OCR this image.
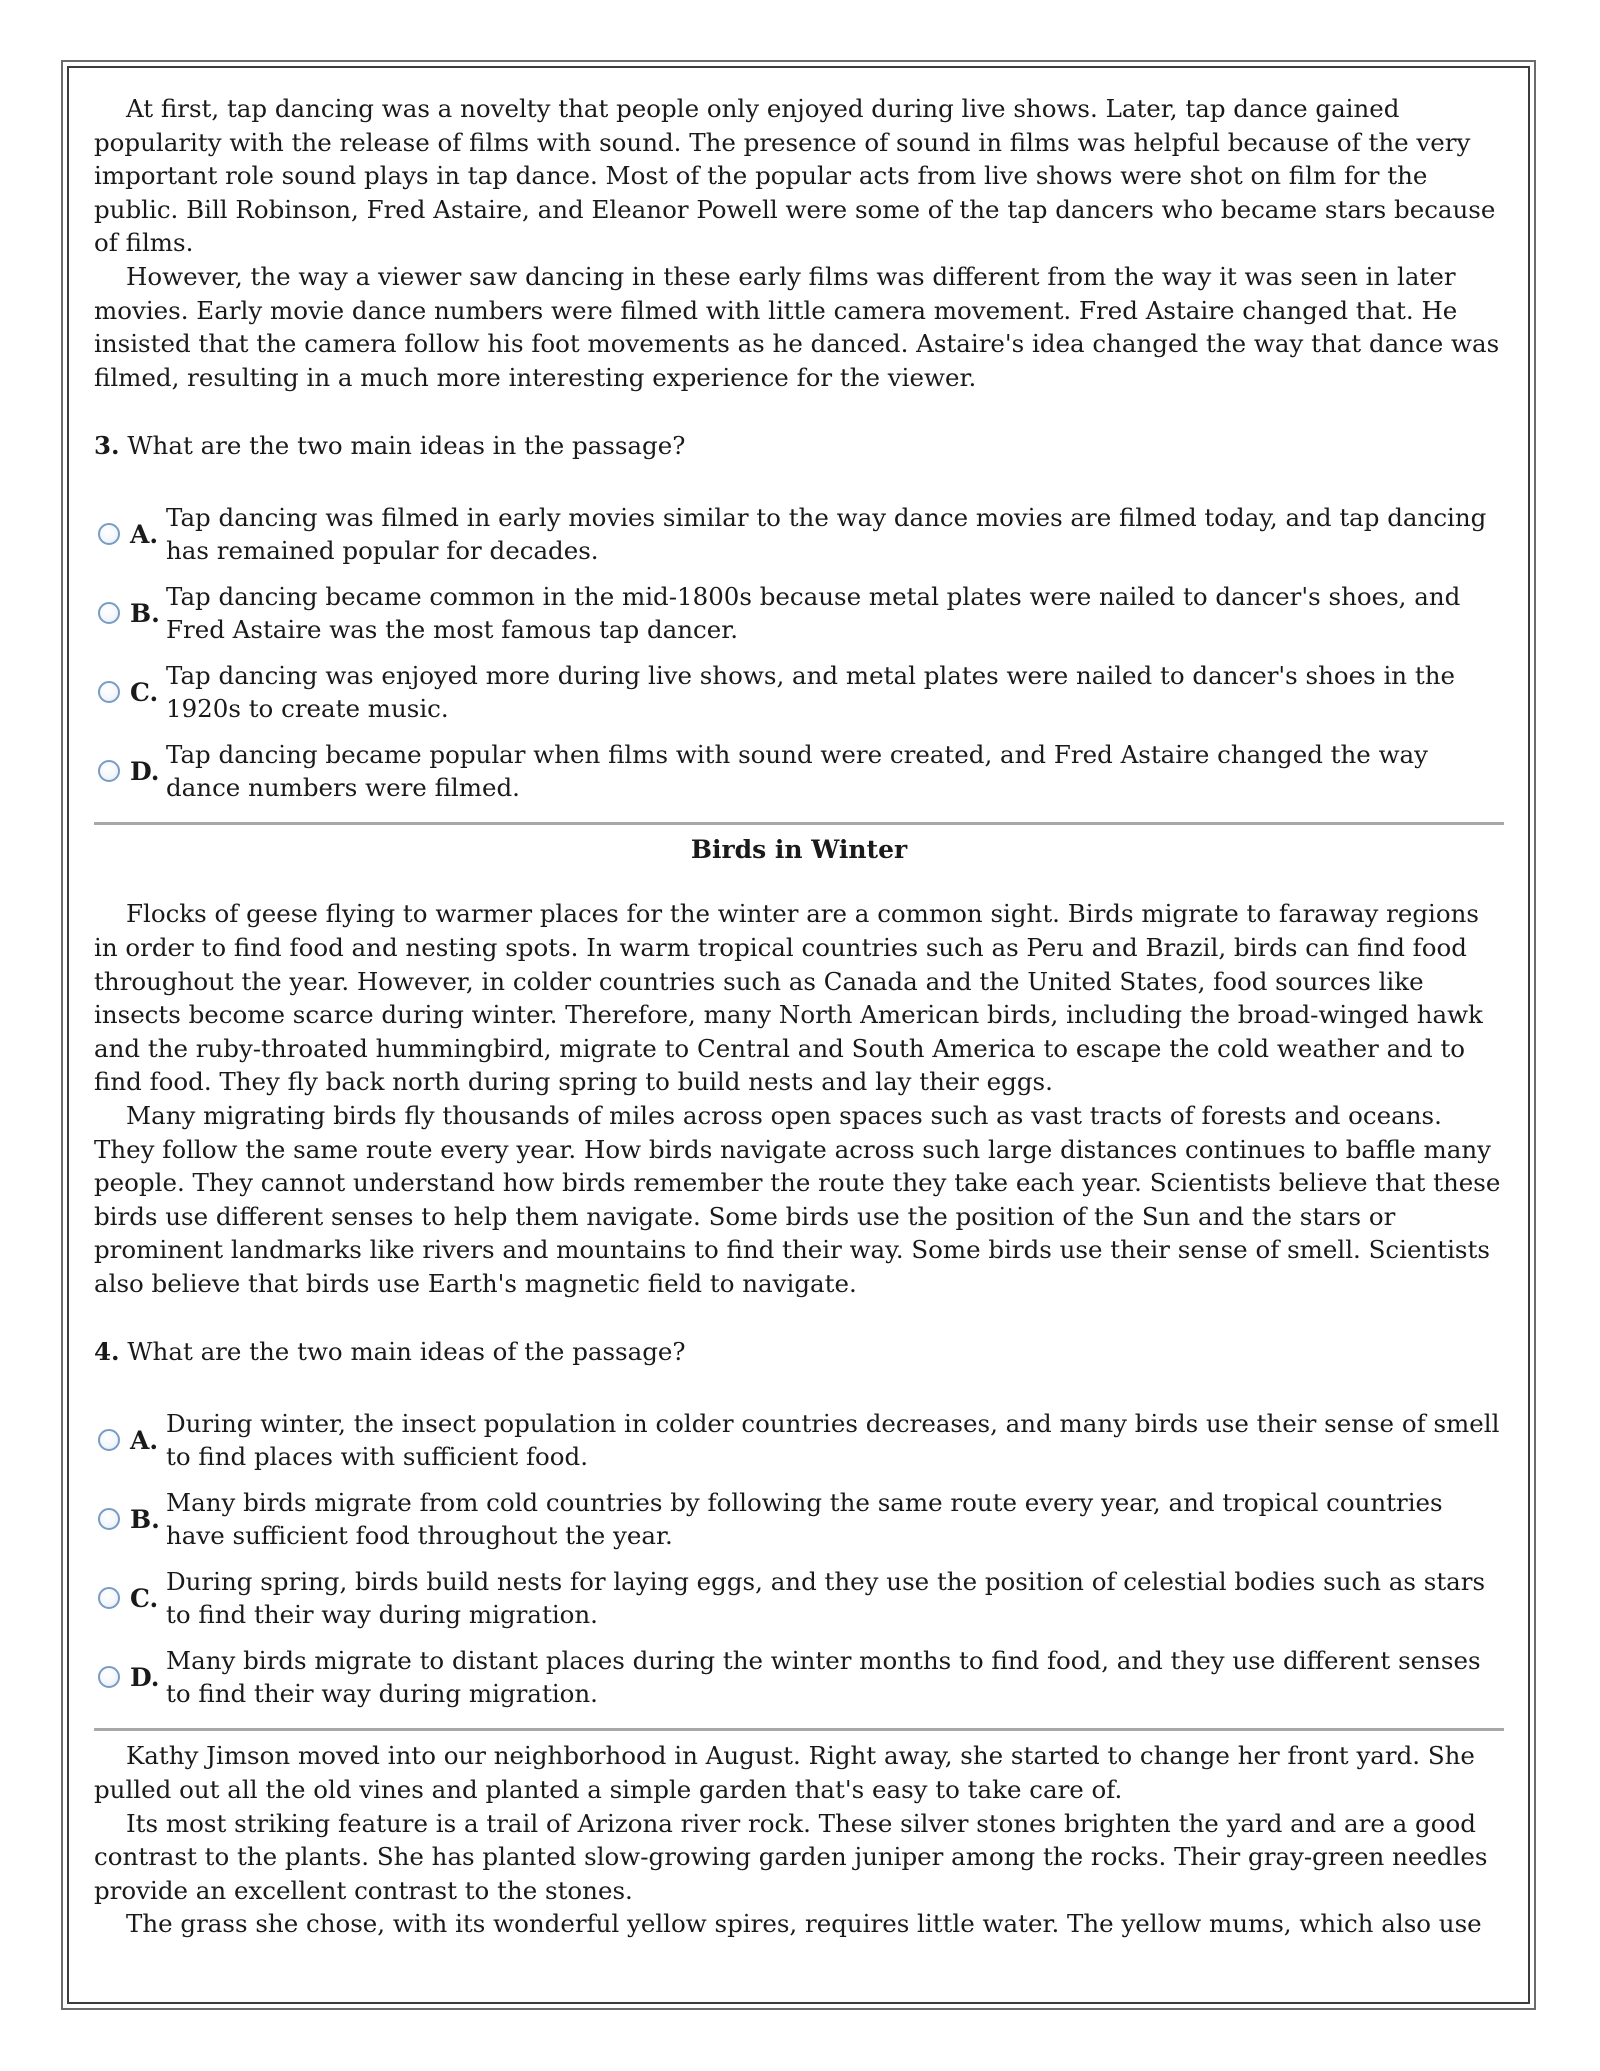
At first, tap dancing was a novelty that people only enjoyed during live shows. Later, tap dance gained popularity with the release of films with sound. The presence of sound in films was helpful because of the very important role sound plays in tap dance. Most of the popular acts from live shows were shot on film for the public. Bill Robinson, Fred Astaire, and Eleanor Powell were some of the tap dancers who became stars because of films.

However, the way a viewer saw dancing in these early films was different from the way it was seen in later movies. Early movie dance numbers were filmed with little camera movement. Fred Astaire changed that. He insisted that the camera follow his foot movements as he danced. Astaire's idea changed the way that dance was filmed, resulting in a much more interesting experience for the viewer.

3. What are the two main ideas in the passage?

A.
Tap dancing was filmed in early movies similar to the way dance movies are filmed today, and tap dancing has remained popular for decades.
B.
Tap dancing became common in the mid-1800s because metal plates were nailed to dancer's shoes, and Fred Astaire was the most famous tap dancer.
C.
Tap dancing was enjoyed more during live shows, and metal plates were nailed to dancer's shoes in the 1920s to create music.
D.
Tap dancing became popular when films with sound were created, and Fred Astaire changed the way dance numbers were filmed.

Birds in Winter

Flocks of geese flying to warmer places for the winter are a common sight. Birds migrate to faraway regions in order to find food and nesting spots. In warm tropical countries such as Peru and Brazil, birds can find food throughout the year. However, in colder countries such as Canada and the United States, food sources like insects become scarce during winter. Therefore, many North American birds, including the broad-winged hawk and the ruby-throated hummingbird, migrate to Central and South America to escape the cold weather and to find food. They fly back north during spring to build nests and lay their eggs.

Many migrating birds fly thousands of miles across open spaces such as vast tracts of forests and oceans. They follow the same route every year. How birds navigate across such large distances continues to baffle many people. They cannot understand how birds remember the route they take each year. Scientists believe that these birds use different senses to help them navigate. Some birds use the position of the Sun and the stars or prominent landmarks like rivers and mountains to find their way. Some birds use their sense of smell. Scientists also believe that birds use Earth's magnetic field to navigate.

4. What are the two main ideas of the passage?

A.
During winter, the insect population in colder countries decreases, and many birds use their sense of smell to find places with sufficient food.
B.
Many birds migrate from cold countries by following the same route every year, and tropical countries have sufficient food throughout the year.
C.
During spring, birds build nests for laying eggs, and they use the position of celestial bodies such as stars to find their way during migration.
D.
Many birds migrate to distant places during the winter months to find food, and they use different senses to find their way during migration.

Kathy Jimson moved into our neighborhood in August. Right away, she started to change her front yard. She pulled out all the old vines and planted a simple garden that's easy to take care of.

Its most striking feature is a trail of Arizona river rock. These silver stones brighten the yard and are a good contrast to the plants. She has planted slow-growing garden juniper among the rocks. Their gray-green needles provide an excellent contrast to the stones.

The grass she chose, with its wonderful yellow spires, requires little water. The yellow mums, which also use
